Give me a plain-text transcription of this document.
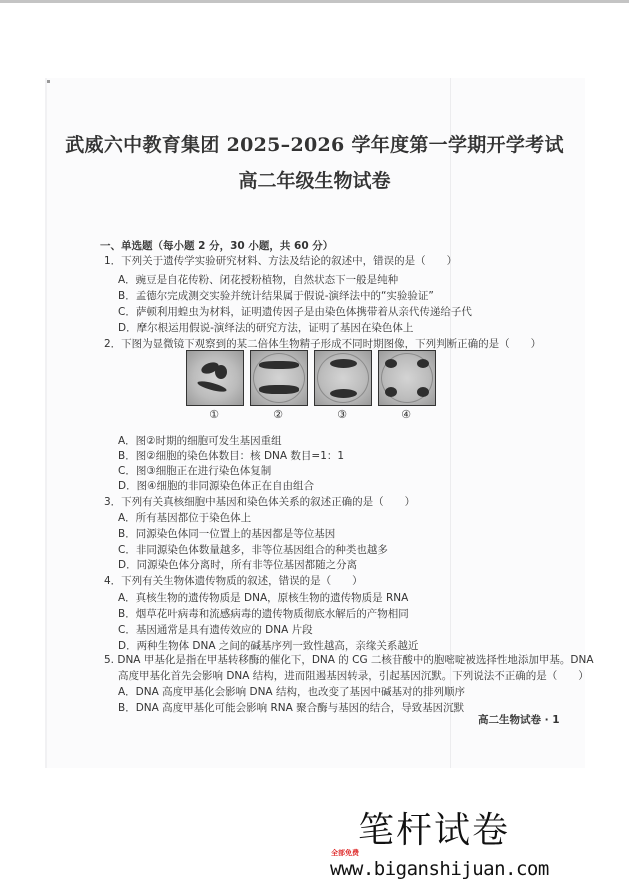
武威六中教育集团 2025–2026 学年度第一学期开学考试
高二年级生物试卷
一、单选题（每小题 2 分，30 小题，共 60 分）
1．下列关于遗传学实验研究材料、方法及结论的叙述中，错误的是（　　）
A．豌豆是自花传粉、闭花授粉植物，自然状态下一般是纯种
B．孟德尔完成测交实验并统计结果属于假说-演绎法中的“实验验证”
C．萨顿利用蝗虫为材料，证明遗传因子是由染色体携带着从亲代传递给子代
D．摩尔根运用假说-演绎法的研究方法，证明了基因在染色体上
2．下图为显微镜下观察到的某二倍体生物精子形成不同时期图像，下列判断正确的是（　　）
①	②	③	④
A．图②时期的细胞可发生基因重组
B．图②细胞的染色体数目：核 DNA 数目=1：1
C．图③细胞正在进行染色体复制
D．图④细胞的非同源染色体正在自由组合
3．下列有关真核细胞中基因和染色体关系的叙述正确的是（　　）
A．所有基因都位于染色体上
B．同源染色体同一位置上的基因都是等位基因
C．非同源染色体数量越多，非等位基因组合的种类也越多
D．同源染色体分离时，所有非等位基因都随之分离
4．下列有关生物体遗传物质的叙述，错误的是（　　）
A．真核生物的遗传物质是 DNA，原核生物的遗传物质是 RNA
B．烟草花叶病毒和流感病毒的遗传物质彻底水解后的产物相同
C．基因通常是具有遗传效应的 DNA 片段
D．两种生物体 DNA 之间的碱基序列一致性越高，亲缘关系越近
5. DNA 甲基化是指在甲基转移酶的催化下，DNA 的 CG 二核苷酸中的胞嘧啶被选择性地添加甲基。DNA
高度甲基化首先会影响 DNA 结构，进而阻遏基因转录，引起基因沉默。下列说法不正确的是（　　）
A．DNA 高度甲基化会影响 DNA 结构，也改变了基因中碱基对的排列顺序
B．DNA 高度甲基化可能会影响 RNA 聚合酶与基因的结合，导致基因沉默
高二生物试卷 · 1
笔杆试卷
全部免费
www.biganshijuan.com
